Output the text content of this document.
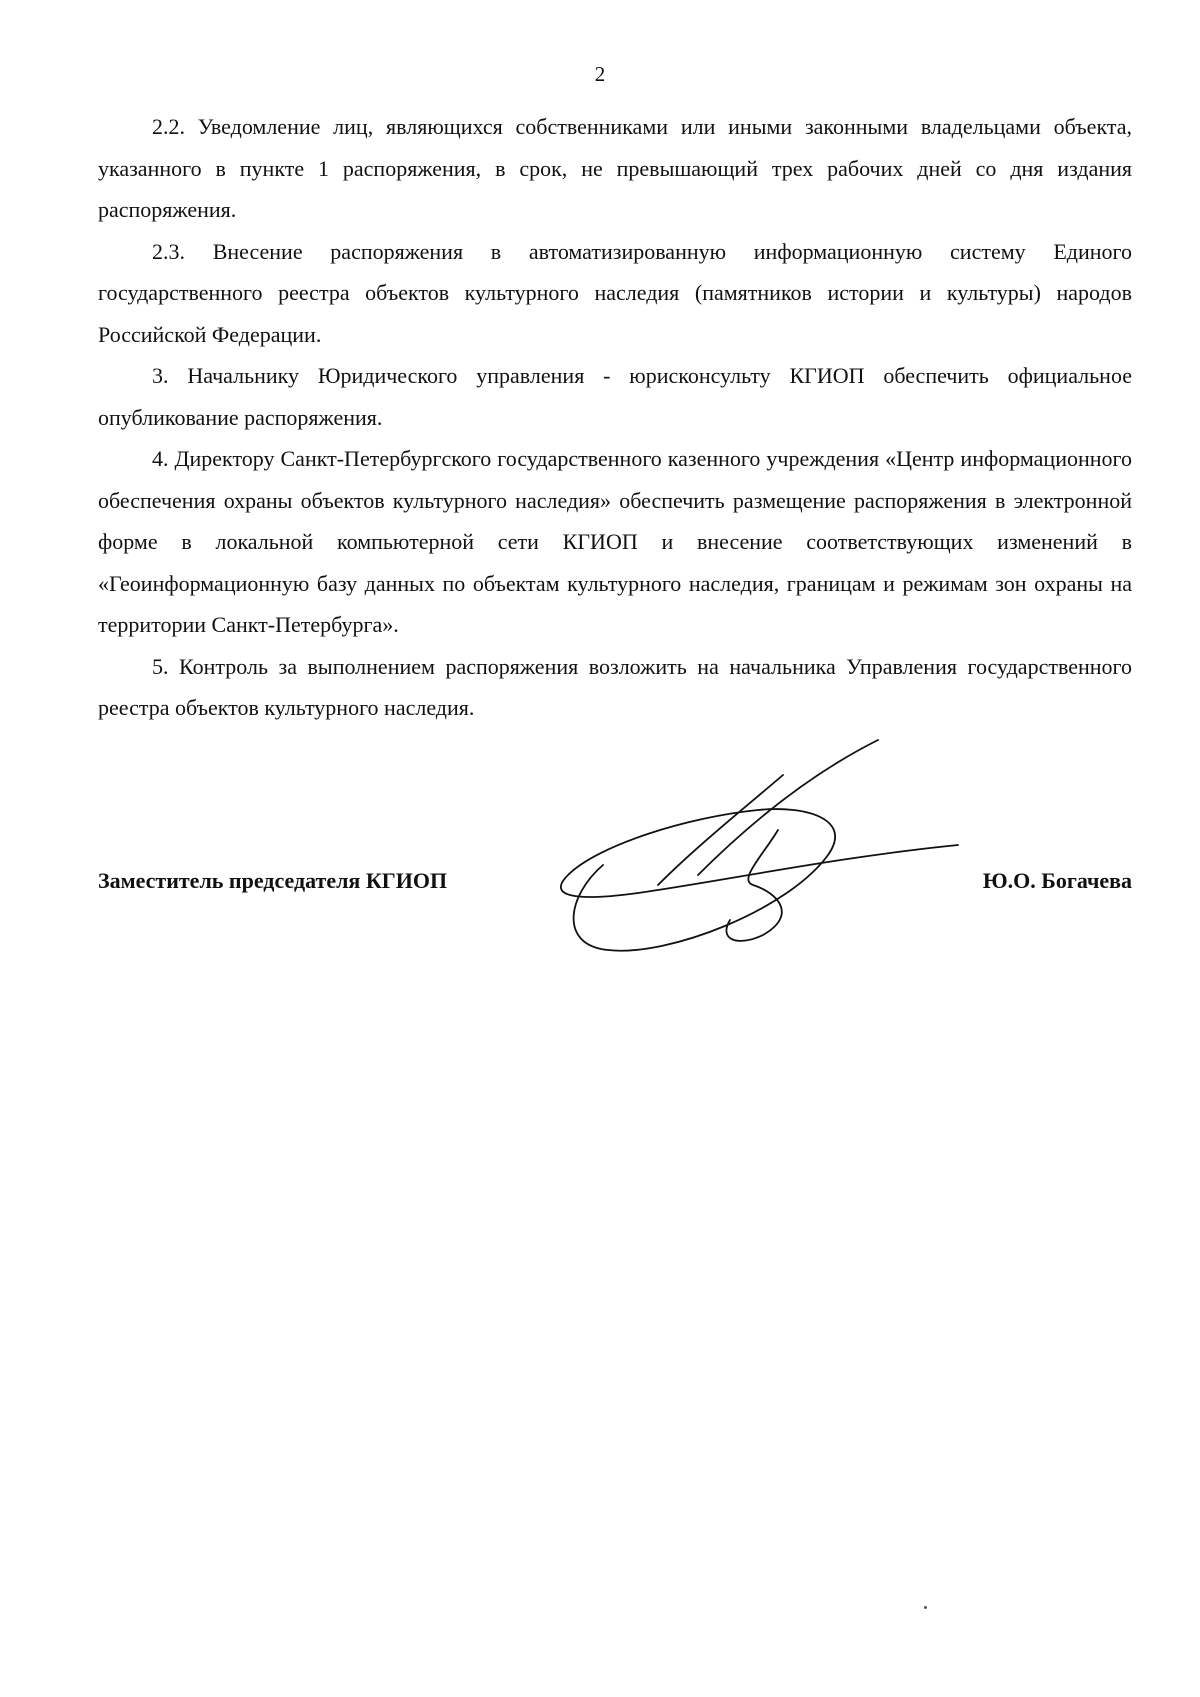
2

2.2. Уведомление лиц, являющихся собственниками или иными законными владельцами объекта, указанного в пункте 1 распоряжения, в срок, не превышающий трех рабочих дней со дня издания распоряжения.

2.3. Внесение распоряжения в автоматизированную информационную систему Единого государственного реестра объектов культурного наследия (памятников истории и культуры) народов Российской Федерации.

3. Начальнику Юридического управления - юрисконсульту КГИОП обеспечить официальное опубликование распоряжения.

4. Директору Санкт-Петербургского государственного казенного учреждения «Центр информационного обеспечения охраны объектов культурного наследия» обеспечить размещение распоряжения в электронной форме в локальной компьютерной сети КГИОП и внесение соответствующих изменений в «Геоинформационную базу данных по объектам культурного наследия, границам и режимам зон охраны на территории Санкт-Петербурга».

5. Контроль за выполнением распоряжения возложить на начальника Управления государственного реестра объектов культурного наследия.

Заместитель председателя КГИОП	Ю.О. Богачева
